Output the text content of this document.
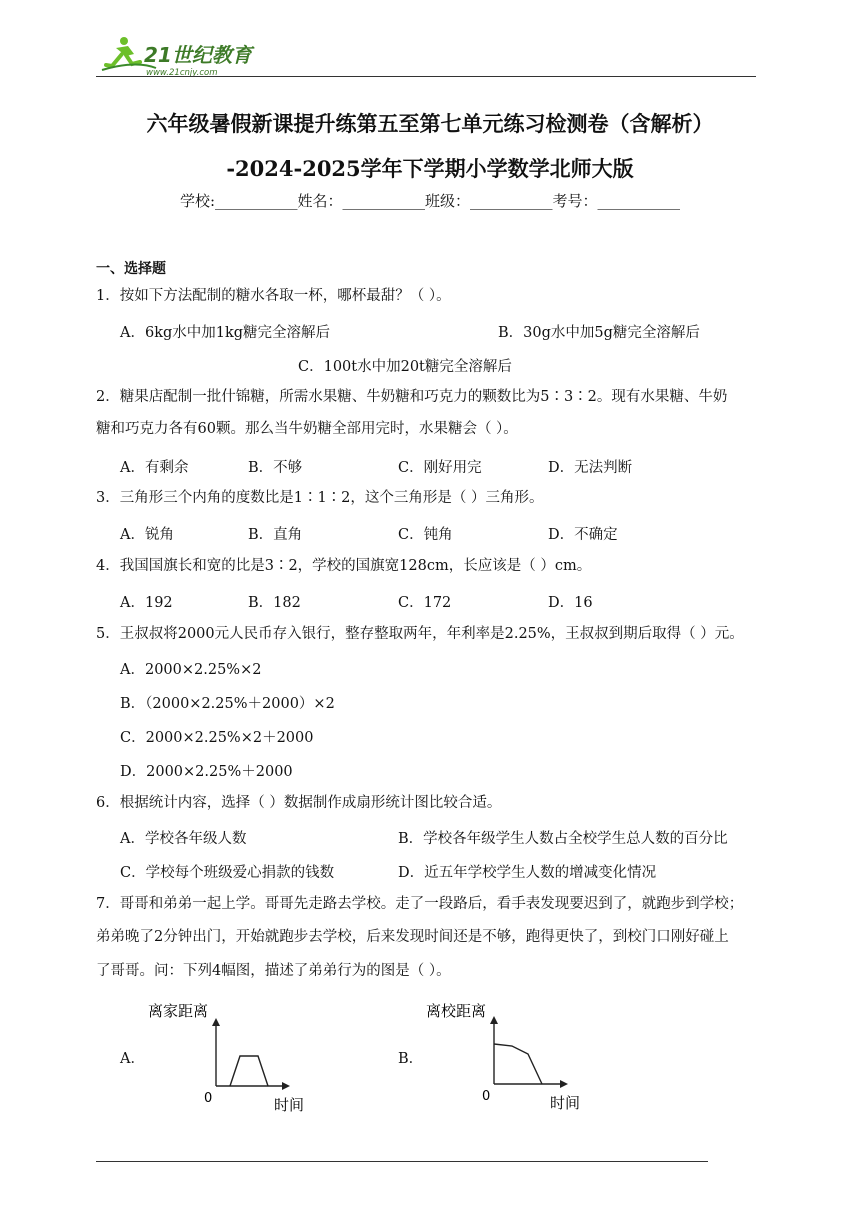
21世纪教育
www.21cnjy.com
六年级暑假新课提升练第五至第七单元练习检测卷（含解析）
-2024-2025学年下学期小学数学北师大版
学校:___________姓名：___________班级：___________考号：___________
一、选择题
1．按如下方法配制的糖水各取一杯，哪杯最甜？（ ）。
A．6kg水中加1kg糖完全溶解后	B．30g水中加5g糖完全溶解后
C．100t水中加20t糖完全溶解后
2．糖果店配制一批什锦糖，所需水果糖、牛奶糖和巧克力的颗数比为5∶3∶2。现有水果糖、牛奶
糖和巧克力各有60颗。那么当牛奶糖全部用完时，水果糖会（ ）。
A．有剩余	B．不够	C．刚好用完	D．无法判断
3．三角形三个内角的度数比是1∶1∶2，这个三角形是（ ）三角形。
A．锐角	B．直角	C．钝角	D．不确定
4．我国国旗长和宽的比是3∶2，学校的国旗宽128cm，长应该是（ ）cm。
A．192	B．182	C．172	D．16
5．王叔叔将2000元人民币存入银行，整存整取两年，年利率是2.25%，王叔叔到期后取得（ ）元。
A．2000×2.25%×2
B．（2000×2.25%＋2000）×2
C．2000×2.25%×2＋2000
D．2000×2.25%＋2000
6．根据统计内容，选择（ ）数据制作成扇形统计图比较合适。
A．学校各年级人数	B．学校各年级学生人数占全校学生总人数的百分比
C．学校每个班级爱心捐款的钱数	D．近五年学校学生人数的增减变化情况
7．哥哥和弟弟一起上学。哥哥先走路去学校。走了一段路后，看手表发现要迟到了，就跑步到学校；
弟弟晚了2分钟出门，开始就跑步去学校，后来发现时间还是不够，跑得更快了，到校门口刚好碰上
了哥哥。问：下列4幅图，描述了弟弟行为的图是（ ）。
A．	B．
离家距离
0	时间
离校距离
0	时间
